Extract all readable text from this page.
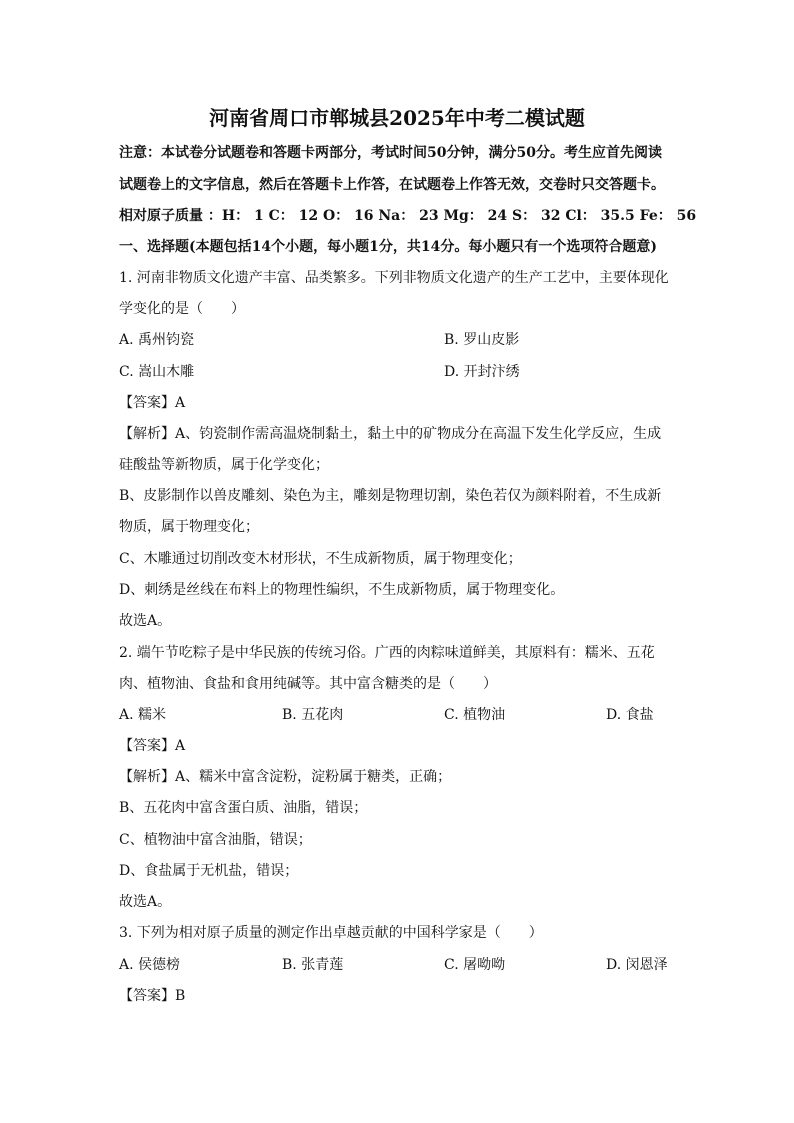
河南省周口市郸城县2025年中考二模试题
注意：本试卷分试题卷和答题卡两部分，考试时间50分钟，满分50分。考生应首先阅读
试题卷上的文字信息，然后在答题卡上作答，在试题卷上作答无效，交卷时只交答题卡。
相对原子质量 ：H： 1 C： 12 O： 16 Na： 23 Mg： 24 S： 32 Cl： 35.5 Fe： 56
一、选择题(本题包括14个小题，每小题1分，共14分。每小题只有一个选项符合题意)
1. 河南非物质文化遗产丰富、品类繁多。下列非物质文化遗产的生产工艺中，主要体现化
学变化的是（　　）
A. 禹州钧瓷	B. 罗山皮影
C. 嵩山木雕	D. 开封汴绣
【答案】A
【解析】A、钧瓷制作需高温烧制黏土，黏土中的矿物成分在高温下发生化学反应，生成
硅酸盐等新物质，属于化学变化；
B、皮影制作以兽皮雕刻、染色为主，雕刻是物理切割，染色若仅为颜料附着，不生成新
物质，属于物理变化；
C、木雕通过切削改变木材形状，不生成新物质，属于物理变化；
D、刺绣是丝线在布料上的物理性编织，不生成新物质，属于物理变化。
故选A。
2. 端午节吃粽子是中华民族的传统习俗。广西的肉粽味道鲜美，其原料有：糯米、五花
肉、植物油、食盐和食用纯碱等。其中富含糖类的是（　　）
A. 糯米	B. 五花肉	C. 植物油	D. 食盐
【答案】A
【解析】A、糯米中富含淀粉，淀粉属于糖类，正确；
B、五花肉中富含蛋白质、油脂，错误；
C、植物油中富含油脂，错误；
D、食盐属于无机盐，错误；
故选A。
3. 下列为相对原子质量的测定作出卓越贡献的中国科学家是（　　）
A. 侯德榜	B. 张青莲	C. 屠呦呦	D. 闵恩泽
【答案】B
